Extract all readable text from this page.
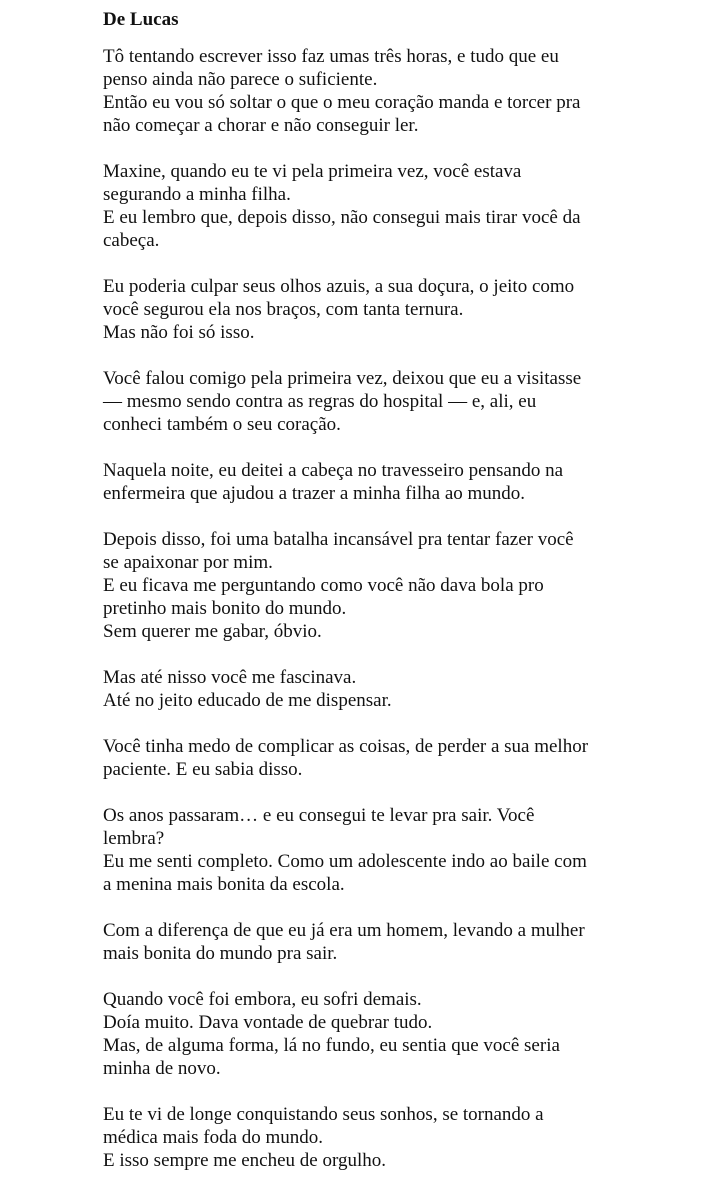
De Lucas
Tô tentando escrever isso faz umas três horas, e tudo que eu
penso ainda não parece o suficiente.
Então eu vou só soltar o que o meu coração manda e torcer pra
não começar a chorar e não conseguir ler.
Maxine, quando eu te vi pela primeira vez, você estava
segurando a minha filha.
E eu lembro que, depois disso, não consegui mais tirar você da
cabeça.
Eu poderia culpar seus olhos azuis, a sua doçura, o jeito como
você segurou ela nos braços, com tanta ternura.
Mas não foi só isso.
Você falou comigo pela primeira vez, deixou que eu a visitasse
— mesmo sendo contra as regras do hospital — e, ali, eu
conheci também o seu coração.
Naquela noite, eu deitei a cabeça no travesseiro pensando na
enfermeira que ajudou a trazer a minha filha ao mundo.
Depois disso, foi uma batalha incansável pra tentar fazer você
se apaixonar por mim.
E eu ficava me perguntando como você não dava bola pro
pretinho mais bonito do mundo.
Sem querer me gabar, óbvio.
Mas até nisso você me fascinava.
Até no jeito educado de me dispensar.
Você tinha medo de complicar as coisas, de perder a sua melhor
paciente. E eu sabia disso.
Os anos passaram… e eu consegui te levar pra sair. Você
lembra?
Eu me senti completo. Como um adolescente indo ao baile com
a menina mais bonita da escola.
Com a diferença de que eu já era um homem, levando a mulher
mais bonita do mundo pra sair.
Quando você foi embora, eu sofri demais.
Doía muito. Dava vontade de quebrar tudo.
Mas, de alguma forma, lá no fundo, eu sentia que você seria
minha de novo.
Eu te vi de longe conquistando seus sonhos, se tornando a
médica mais foda do mundo.
E isso sempre me encheu de orgulho.
